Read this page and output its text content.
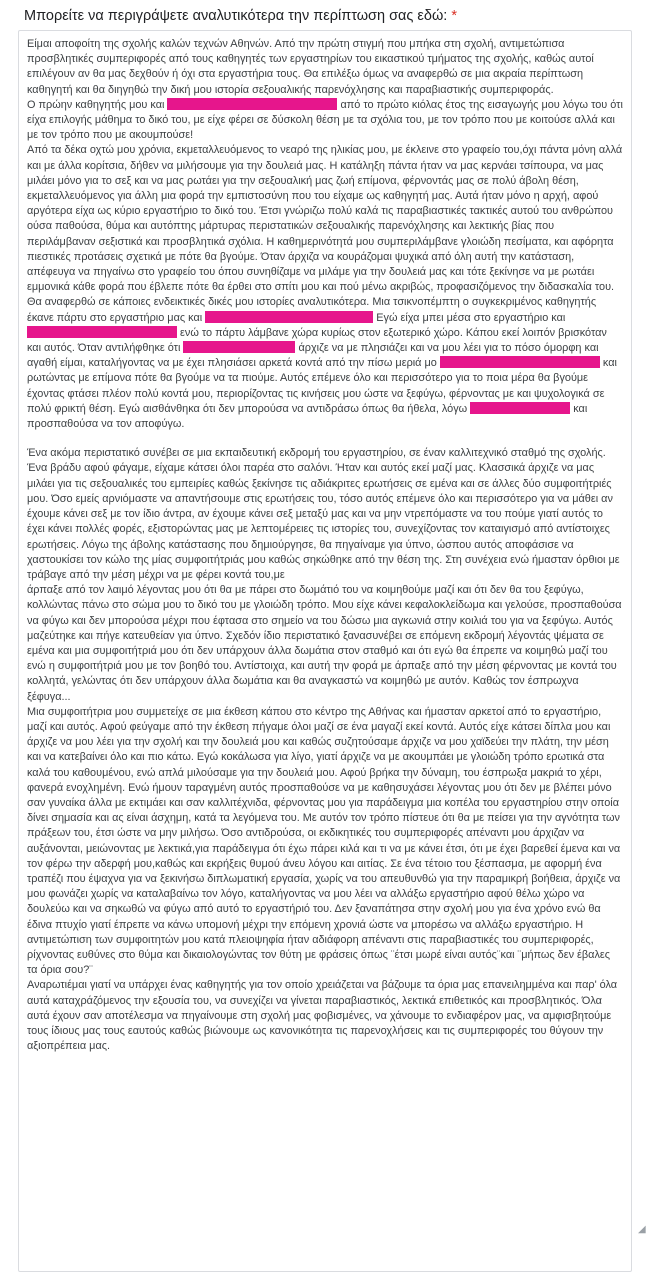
Μπορείτε να περιγράψετε αναλυτικότερα την περίπτωση σας εδώ: *

Είμαι αποφοίτη της σχολής καλών τεχνών Αθηνών. Από την πρώτη στιγμή που μπήκα στη σχολή, αντιμετώπισα προσβλητικές συμπεριφορές από τους καθηγητές των εργαστηρίων του εικαστικού τμήματος της σχολής, καθώς αυτοί επιλέγουν αν θα μας δεχθούν ή όχι στα εργαστήρια τους. Θα επιλέξω όμως να αναφερθώ σε μια ακραία περίπτωση καθηγητή και θα διηγηθώ την δική μου ιστορία σεξουαλικής παρενόχλησης και παραβιαστικής συμπεριφοράς.

Ο πρώην καθηγητής μου και	από το πρώτο κιόλας έτος της εισαγωγής μου λόγω του ότι είχα επιλογής μάθημα το δικό του, με είχε φέρει σε δύσκολη θέση με τα σχόλια του, με τον τρόπο που με κοιτούσε αλλά και με τον τρόπο που με ακουμπούσε!

Από τα δέκα οχτώ μου χρόνια, εκμεταλλευόμενος το νεαρό της ηλικίας μου, με έκλεινε στο γραφείο του,όχι πάντα μόνη αλλά και με άλλα κορίτσια, δήθεν να μιλήσουμε για την δουλειά μας. Η κατάληξη πάντα ήταν να μας κερνάει τσίπουρα, να μας μιλάει μόνο για το σεξ και να μας ρωτάει για την σεξουαλική μας ζωή επίμονα, φέρνοντάς μας σε πολύ άβολη θέση, εκμεταλλευόμενος για άλλη μια φορά την εμπιστοσύνη που του είχαμε ως καθηγητή μας. Αυτά ήταν μόνο η αρχή, αφού αργότερα είχα ως κύριο εργαστήριο το δικό του. Έτσι γνώριζω πολύ καλά τις παραβιαστικές τακτικές αυτού του ανθρώπου ούσα παθούσα, θύμα και αυτόπτης μάρτυρας περιστατικών σεξουαλικής παρενόχλησης και λεκτικής βίας που περιλάμβαναν σεξιστικά και προσβλητικά σχόλια. Η καθημερινότητά μου συμπεριλάμβανε γλοιώδη πεσίματα, και αφόρητα πιεστικές προτάσεις σχετικά με πότε θα βγούμε. Όταν άρχιζα να κουράζομαι ψυχικά από όλη αυτή την κατάσταση, απέφευγα να πηγαίνω στο γραφείο του όπου συνηθίζαμε να μιλάμε για την δουλειά μας και τότε ξεκίνησε να με ρωτάει εμμονικά κάθε φορά που έβλεπε πότε θα έρθει στο σπίτι μου και πού μένω ακριβώς, προφασιζόμενος την διδασκαλία του.

Θα αναφερθώ σε κάποιες ενδεικτικές δικές μου ιστορίες αναλυτικότερα. Μια τσικνοπέμπτη ο συγκεκριμένος καθηγητής έκανε πάρτυ στο εργαστήριο μας και	Εγώ είχα μπει μέσα στο εργαστήριο και  ενώ το πάρτυ λάμβανε χώρα κυρίως στον εξωτερικό χώρο. Κάπου εκεί λοιπόν βρισκόταν και αυτός. Όταν αντιλήφθηκε ότι	άρχιζε να με πλησιάζει και να μου λέει για το πόσο όμορφη και αγαθή είμαι, καταλήγοντας να με έχει πλησιάσει αρκετά κοντά από την πίσω μεριά μο	και ρωτώντας με επίμονα πότε θα βγούμε να τα πιούμε. Αυτός επέμενε όλο και περισσότερο για το ποια μέρα θα βγούμε έχοντας φτάσει πλέον πολύ κοντά μου, περιορίζοντας τις κινήσεις μου ώστε να ξεφύγω, φέρνοντας με και ψυχολογικά σε πολύ φρικτή θέση. Εγώ αισθάνθηκα ότι δεν μπορούσα να αντιδράσω όπως θα ήθελα, λόγω	και προσπαθούσα να τον αποφύγω.

Ένα ακόμα περιστατικό συνέβει σε μια εκπαιδευτική εκδρομή του εργαστηρίου, σε έναν καλλιτεχνικό σταθμό της σχολής. Ένα βράδυ αφού φάγαμε, είχαμε κάτσει όλοι παρέα στο σαλόνι. Ήταν και αυτός εκεί μαζί μας. Κλασσικά άρχιζε να μας μιλάει για τις σεξουαλικές του εμπειρίες καθώς ξεκίνησε τις αδιάκριτες ερωτήσεις σε εμένα και σε άλλες δύο συμφοιτήτριές μου. Όσο εμείς αρνιόμαστε να απαντήσουμε στις ερωτήσεις του, τόσο αυτός επέμενε όλο και περισσότερο για να μάθει αν έχουμε κάνει σεξ με τον ίδιο άντρα, αν έχουμε κάνει σεξ μεταξύ μας και να μην ντρεπόμαστε να του πούμε γιατί αυτός το έχει κάνει πολλές φορές, εξιστορώντας μας με λεπτομέρειες τις ιστορίες του, συνεχίζοντας τον καταιγισμό από αντίστοιχες ερωτήσεις. Λόγω της άβολης κατάστασης που δημιούργησε, θα πηγαίναμε για ύπνο, ώσπου αυτός αποφάσισε να χαστουκίσει τον κώλο της μίας συμφοιτήτριάς μου καθώς σηκώθηκε από την θέση της. Στη συνέχεια ενώ ήμασταν όρθιοι με τράβαγε από την μέση μέχρι να με φέρει κοντά του,με

άρπαξε από τον λαιμό λέγοντας μου ότι θα με πάρει στο δωμάτιό του να κοιμηθούμε μαζί και ότι δεν θα του ξεφύγω, κολλώντας πάνω στο σώμα μου το δικό του με γλοιώδη τρόπο. Μου είχε κάνει κεφαλοκλείδωμα και γελούσε, προσπαθούσα να φύγω και δεν μπορούσα μέχρι που έφτασα στο σημείο να του δώσω μια αγκωνιά στην κοιλιά του για να ξεφύγω. Αυτός μαζεύτηκε και πήγε κατευθείαν για ύπνο. Σχεδόν ίδιο περιστατικό ξανασυνέβει σε επόμενη εκδρομή λέγοντάς ψέματα σε εμένα και μια συμφοιτήτριά μου ότι δεν υπάρχουν άλλα δωμάτια στον σταθμό και ότι εγώ θα έπρεπε να κοιμηθώ μαζί του ενώ η συμφοιτήτριά μου με τον βοηθό του. Αντίστοιχα, και αυτή την φορά με άρπαξε από την μέση φέρνοντας με κοντά του κολλητά, γελώντας ότι δεν υπάρχουν άλλα δωμάτια και θα αναγκαστώ να κοιμηθώ με αυτόν. Καθώς τον έσπρωχνα ξέφυγα...

Μια συμφοιτήτρια μου συμμετείχε σε μια έκθεση κάπου στο κέντρο της Αθήνας και ήμασταν αρκετοί από το εργαστήριο, μαζί και αυτός. Αφού φεύγαμε από την έκθεση πήγαμε όλοι μαζί σε ένα μαγαζί εκεί κοντά. Αυτός είχε κάτσει δίπλα μου και άρχιζε να μου λέει για την σχολή και την δουλειά μου και καθώς συζητούσαμε άρχιζε να μου χαϊδεύει την πλάτη, την μέση και να κατεβαίνει όλο και πιο κάτω. Εγώ κοκάλωσα για λίγο, γιατί άρχιζε να με ακουμπάει με γλοιώδη τρόπο ερωτικά στα καλά του καθουμένου, ενώ απλά μιλούσαμε για την δουλειά μου. Αφού βρήκα την δύναμη, του έσπρωξα μακριά το χέρι, φανερά ενοχλημένη. Ενώ ήμουν ταραγμένη αυτός προσπαθούσε να με καθησυχάσει λέγοντας μου ότι δεν με βλέπει μόνο σαν γυναίκα άλλα με εκτιμάει και σαν καλλιτέχνιδα, φέρνοντας μου για παράδειγμα μια κοπέλα του εργαστηρίου στην οποία δίνει σημασία και ας είναι άσχημη, κατά τα λεγόμενα του. Με αυτόν τον τρόπο πίστευε ότι θα με πείσει για την αγνότητα των πράξεων του, έτσι ώστε να μην μιλήσω. Όσο αντιδρούσα, οι εκδικητικές του συμπεριφορές απέναντι μου άρχιζαν να αυξάνονται, μειώνοντας με λεκτικά,για παράδειγμα ότι έχω πάρει κιλά και τι να με κάνει έτσι, ότι με έχει βαρεθεί έμενα και να τον φέρω την αδερφή μου,καθώς και εκρήξεις θυμού άνευ λόγου και αιτίας. Σε ένα τέτοιο του ξέσπασμα, με αφορμή ένα τραπέζι που έψαχνα για να ξεκινήσω διπλωματική εργασία, χωρίς να του απευθυνθώ για την παραμικρή βοήθεια, άρχιζε να μου φωνάζει χωρίς να καταλαβαίνω τον λόγο, καταλήγοντας να μου λέει να αλλάξω εργαστήριο αφού θέλω χώρο να δουλεύω και να σηκωθώ να φύγω από αυτό το εργαστήριό του. Δεν ξαναπάτησα στην σχολή μου για ένα χρόνο ενώ θα έδινα πτυχίο γιατί έπρεπε να κάνω υπομονή μέχρι την επόμενη χρονιά ώστε να μπορέσω να αλλάξω εργαστήριο. Η αντιμετώπιση των συμφοιτητών μου κατά πλειοψηφία ήταν αδιάφορη απέναντι στις παραβιαστικές του συμπεριφορές, ρίχνοντας ευθύνες στο θύμα και δικαιολογώντας τον θύτη με φράσεις όπως ¨έτσι μωρέ είναι αυτός¨και ¨μήπως δεν έβαλες τα όρια σου?¨

Αναρωτιέμαι γιατί να υπάρχει ένας καθηγητής για τον οποίο χρειάζεται να βάζουμε τα όρια μας επανειλημμένα και παρ' όλα αυτά καταχράζόμενος την εξουσία του, να συνεχίζει να γίνεται παραβιαστικός, λεκτικά επιθετικός και προσβλητικός. Όλα αυτά έχουν σαν αποτέλεσμα να πηγαίνουμε στη σχολή μας φοβισμένες, να χάνουμε το ενδιαφέρον μας, να αμφισβητούμε τους ίδιους μας τους εαυτούς καθώς βιώνουμε ως κανονικότητα τις παρενοχλήσεις και τις συμπεριφορές του θύγουν την αξιοπρέπεια μας.

◢
